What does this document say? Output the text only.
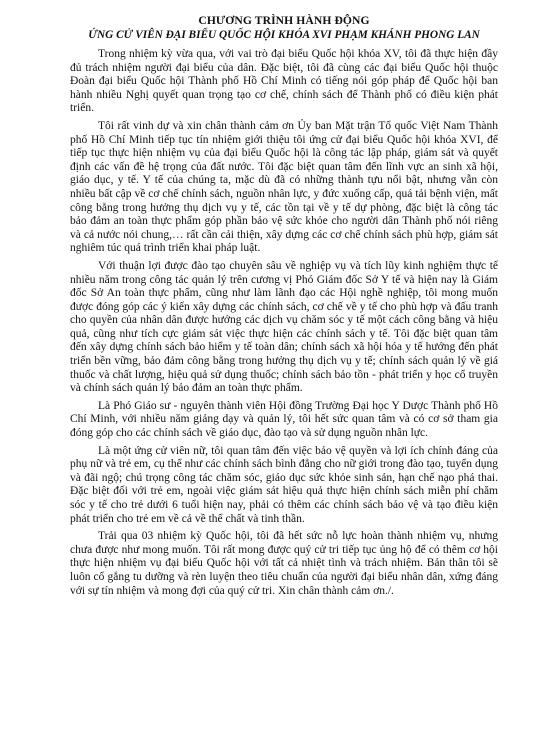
CHƯƠNG TRÌNH HÀNH ĐỘNG
ỨNG CỬ VIÊN ĐẠI BIỂU QUỐC HỘI KHÓA XVI PHẠM KHÁNH PHONG LAN

Trong nhiệm kỳ vừa qua, với vai trò đại biểu Quốc hội khóa XV, tôi đã thực hiện đầy đủ trách nhiệm người đại biểu của dân. Đặc biệt, tôi đã cùng các đại biểu Quốc hội thuộc Đoàn đại biểu Quốc hội Thành phố Hồ Chí Minh có tiếng nói góp pháp để Quốc hội ban hành nhiều Nghị quyết quan trọng tạo cơ chế, chính sách để Thành phố có điều kiện phát triển.

Tôi rất vinh dự và xin chân thành cảm ơn Ủy ban Mặt trận Tổ quốc Việt Nam Thành phố Hồ Chí Minh tiếp tục tín nhiệm giới thiệu tôi ứng cử đại biểu Quốc hội khóa XVI, để tiếp tục thực hiện nhiệm vụ của đại biểu Quốc hội là công tác lập pháp, giám sát và quyết định các vấn đề hệ trọng của đất nước. Tôi đặc biệt quan tâm đến lĩnh vực an sinh xã hội, giáo dục, y tế. Y tế của chúng ta, mặc dù đã có những thành tựu nổi bật, nhưng vẫn còn nhiều bất cập về cơ chế chính sách, nguồn nhân lực, y đức xuống cấp, quá tải bệnh viện, mất công bằng trong hưởng thụ dịch vụ y tế, các tồn tại về y tế dự phòng, đặc biệt là công tác bảo đảm an toàn thực phẩm góp phần bảo vệ sức khỏe cho người dân Thành phố nói riêng và cả nước nói chung,… rất cần cải thiện, xây dựng các cơ chế chính sách phù hợp, giám sát nghiêm túc quá trình triển khai pháp luật.

Với thuận lợi được đào tạo chuyên sâu về nghiệp vụ và tích lũy kinh nghiệm thực tế nhiều năm trong công tác quản lý trên cương vị Phó Giám đốc Sở Y tế và hiện nay là Giám đốc Sở An toàn thực phẩm, cũng như làm lãnh đạo các Hội nghề nghiệp, tôi mong muốn được đóng góp các ý kiến xây dựng các chính sách, cơ chế về y tế cho phù hợp và đấu tranh cho quyền của nhân dân được hưởng các dịch vụ chăm sóc y tế một cách công bằng và hiệu quả, cũng như tích cực giám sát việc thực hiện các chính sách y tế. Tôi đặc biệt quan tâm đến xây dựng chính sách bảo hiểm y tế toàn dân; chính sách xã hội hóa y tế hướng đến phát triển bền vững, bảo đảm công bằng trong hưởng thụ dịch vụ y tế; chính sách quản lý về giá thuốc và chất lượng, hiệu quả sử dụng thuốc; chính sách bảo tồn - phát triển y học cổ truyền và chính sách quản lý bảo đảm an toàn thực phẩm.

Là Phó Giáo sư - nguyên thành viên Hội đồng Trường Đại học Y Dược Thành phố Hồ Chí Minh, với nhiều năm giảng dạy và quản lý, tôi hết sức quan tâm và có cơ sở tham gia đóng góp cho các chính sách về giáo dục, đào tạo và sử dụng nguồn nhân lực.

Là một ứng cử viên nữ, tôi quan tâm đến việc bảo vệ quyền và lợi ích chính đáng của phụ nữ và trẻ em, cụ thể như các chính sách bình đẳng cho nữ giới trong đào tạo, tuyển dụng và đãi ngộ; chú trọng công tác chăm sóc, giáo dục sức khỏe sinh sản, hạn chế nạo phá thai. Đặc biệt đối với trẻ em, ngoài việc giám sát hiệu quả thực hiện chính sách miễn phí chăm sóc y tế cho trẻ dưới 6 tuổi hiện nay, phải có thêm các chính sách bảo vệ và tạo điều kiện phát triển cho trẻ em về cả về thể chất và tinh thần.

Trải qua 03 nhiệm kỳ Quốc hội, tôi đã hết sức nỗ lực hoàn thành nhiệm vụ, nhưng chưa được như mong muốn. Tôi rất mong được quý cử tri tiếp tục ủng hộ để có thêm cơ hội thực hiện nhiệm vụ đại biểu Quốc hội với tất cả nhiệt tình và trách nhiệm. Bản thân tôi sẽ luôn cố gắng tu dưỡng và rèn luyện theo tiêu chuẩn của người đại biểu nhân dân, xứng đáng với sự tín nhiệm và mong đợi của quý cử tri. Xin chân thành cảm ơn./.
